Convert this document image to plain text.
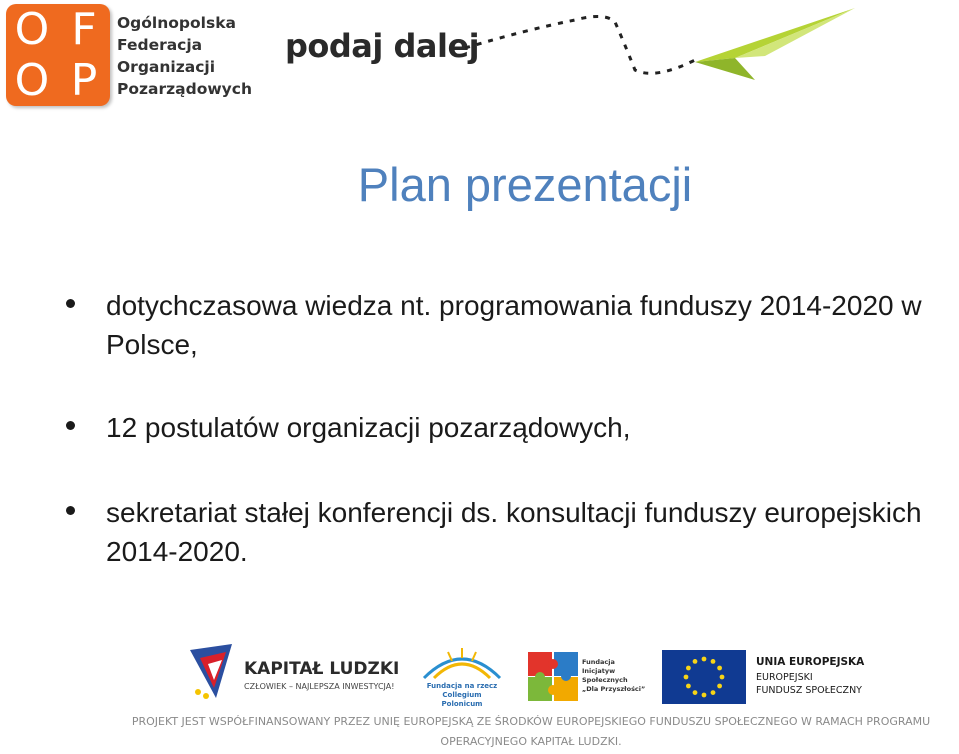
O F
O P
Ogólnopolska
Federacja
Organizacji
Pozarządowych
podaj dalej
Plan prezentacji
dotychczasowa wiedza nt. programowania funduszy 2014-2020 w Polsce,
12 postulatów organizacji pozarządowych,
sekretariat stałej konferencji ds. konsultacji funduszy europejskich 2014-2020.
KAPITAŁ LUDZKI
CZŁOWIEK – NAJLEPSZA INWESTYCJA!	Fundacja na rzecz
Collegium Polonicum
Fundacja
Inicjatyw
Społecznych
„Dla Przyszłości”
UNIA EUROPEJSKA
EUROPEJSKI
FUNDUSZ SPOŁECZNY
PROJEKT JEST WSPÓŁFINANSOWANY PRZEZ UNIĘ EUROPEJSKĄ ZE ŚRODKÓW EUROPEJSKIEGO FUNDUSZU SPOŁECZNEGO W RAMACH PROGRAMU
OPERACYJNEGO KAPITAŁ LUDZKI.
